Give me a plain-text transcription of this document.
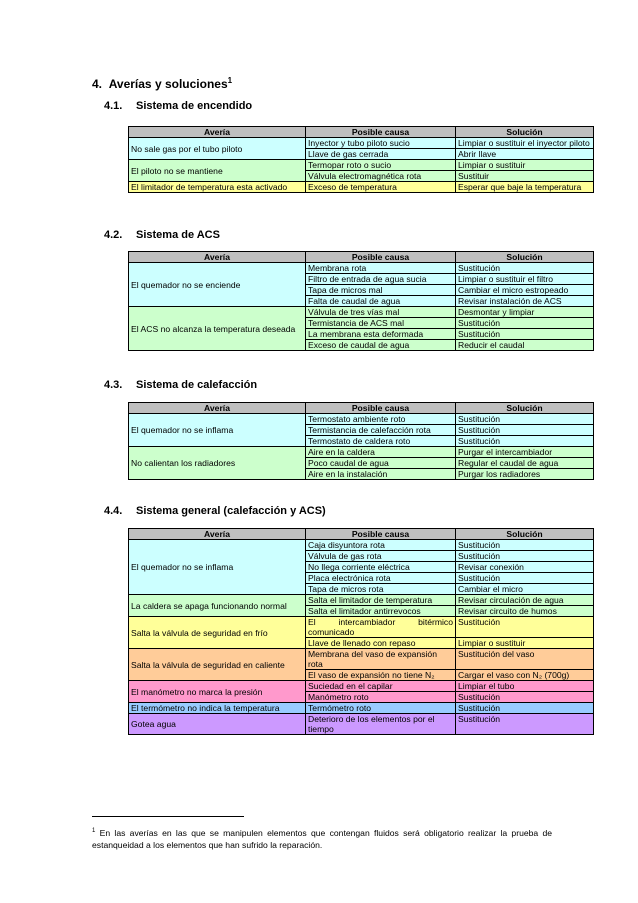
4. Averías y soluciones$^1$
4.1. Sistema de encendido
Avería	Posible causa	Solución
No sale gas por el tubo piloto	Inyector y tubo piloto sucio	Limpiar o sustituir el inyector piloto
	Llave de gas cerrada	Abrir llave
El piloto no se mantiene	Termopar roto o sucio	Limpiar o sustituir
	Válvula electromagnética rota	Sustituir
El limitador de temperatura esta activado	Exceso de temperatura	Esperar que baje la temperatura
4.2. Sistema de ACS
Avería	Posible causa	Solución
El quemador no se enciende	Membrana rota	Sustitución
	Filtro de entrada de agua sucia	Limpiar o sustituir el filtro
	Tapa de micros mal	Cambiar el micro estropeado
	Falta de caudal de agua	Revisar instalación de ACS
El ACS no alcanza la temperatura deseada	Válvula de tres vías mal	Desmontar y limpiar
	Termistancia de ACS mal	Sustitución
	La membrana esta deformada	Sustitución
	Exceso de caudal de agua	Reducir el caudal
4.3. Sistema de calefacción
Avería	Posible causa	Solución
El quemador no se inflama	Termostato ambiente roto	Sustitución
	Termistancia de calefacción rota	Sustitución
	Termostato de caldera roto	Sustitución
No calientan los radiadores	Aire en la caldera	Purgar el intercambiador
	Poco caudal de agua	Regular el caudal de agua
	Aire en la instalación	Purgar los radiadores
4.4. Sistema general (calefacción y ACS)
Avería	Posible causa	Solución
El quemador no se inflama	Caja disyuntora rota	Sustitución
	Válvula de gas rota	Sustitución
	No llega corriente eléctrica	Revisar conexión
	Placa electrónica rota	Sustitución
	Tapa de micros rota	Cambiar el micro
La caldera se apaga funcionando normal	Salta el limitador de temperatura	Revisar circulación de agua
	Salta el limitador antirrevocos	Revisar circuito de humos
Salta la válvula de seguridad en frío	El intercambiador bitérmico comunicado	Sustitución
	Llave de llenado con repaso	Limpiar o sustituir
Salta la válvula de seguridad en caliente	Membrana del vaso de expansión rota	Sustitución del vaso
	El vaso de expansión no tiene N₂	Cargar el vaso con N₂ (700g)
El manómetro no marca la presión	Suciedad en el capilar	Limpiar el tubo
	Manómetro roto	Sustitución
El termómetro no indica la temperatura	Termómetro roto	Sustitución
Gotea agua	Deterioro de los elementos por el tiempo	Sustitución
$^1$ En las averías en las que se manipulen elementos que contengan fluidos será obligatorio realizar la prueba de estanqueidad a los elementos que han sufrido la reparación.
